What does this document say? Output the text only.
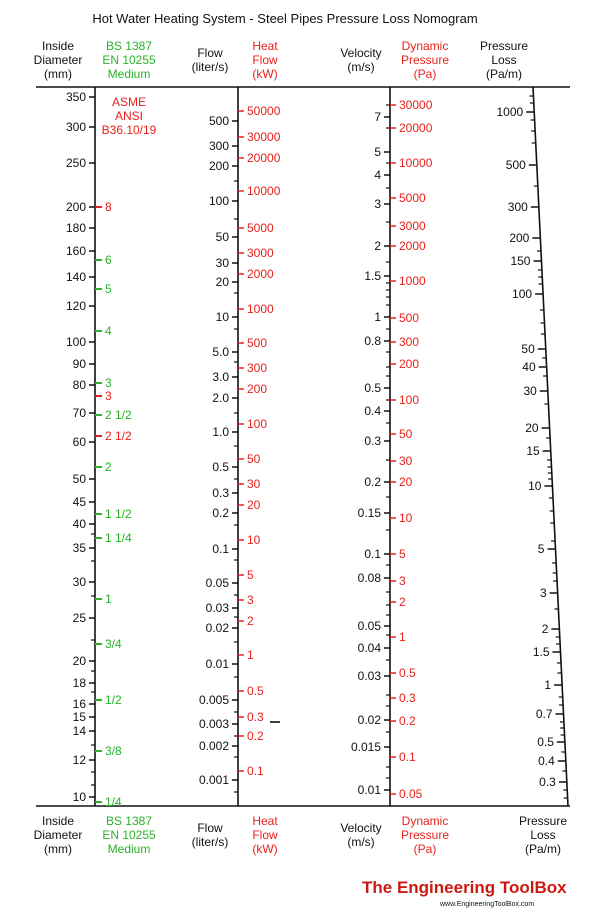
Hot Water Heating System - Steel Pipes Pressure Loss Nomogram
Inside
Diameter
(mm)
BS 1387
EN 10255
Medium
Flow
(liter/s)
Heat
Flow
(kW)
Velocity
(m/s)
Dynamic
Pressure
(Pa)
Pressure
Loss
(Pa/m)
Inside
Diameter
(mm)
BS 1387
EN 10255
Medium
Flow
(liter/s)
Heat
Flow
(kW)
Velocity
(m/s)
Dynamic
Pressure
(Pa)
Pressure
Loss
(Pa/m)
ASME
ANSI
B36.10/19
350
300
250
200
180
160
140
120
100
90
80
70
60
50
45
40
35
30
25
20
18
16
15
14
12
10
8
3
2 1/2
6
5
4
3
2 1/2
2
1 1/2
1 1/4
1
3/4
1/2
3/8
1/4
500
300
200
100
50
30
20
10
5.0
3.0
2.0
1.0
0.5
0.3
0.2
0.1
0.05
0.03
0.02
0.01
0.005
0.003
0.002
0.001
50000
30000
20000
10000
5000
3000
2000
1000
500
300
200
100
50
30
20
10
5
3
2
1
0.5
0.3
0.2
0.1
7
5
4
3
2
1.5
1
0.8
0.5
0.4
0.3
0.2
0.15
0.1
0.08
0.05
0.04
0.03
0.02
0.015
0.01
30000
20000
10000
5000
3000
2000
1000
500
300
200
100
50
30
20
10
5
3
2
1
0.5
0.3
0.2
0.1
0.05
1000
500
300
200
150
100
50
40
30
20
15
10
5
3
2
1.5
1
0.7
0.5
0.4
0.3
The Engineering ToolBox
www.EngineeringToolBox.com
